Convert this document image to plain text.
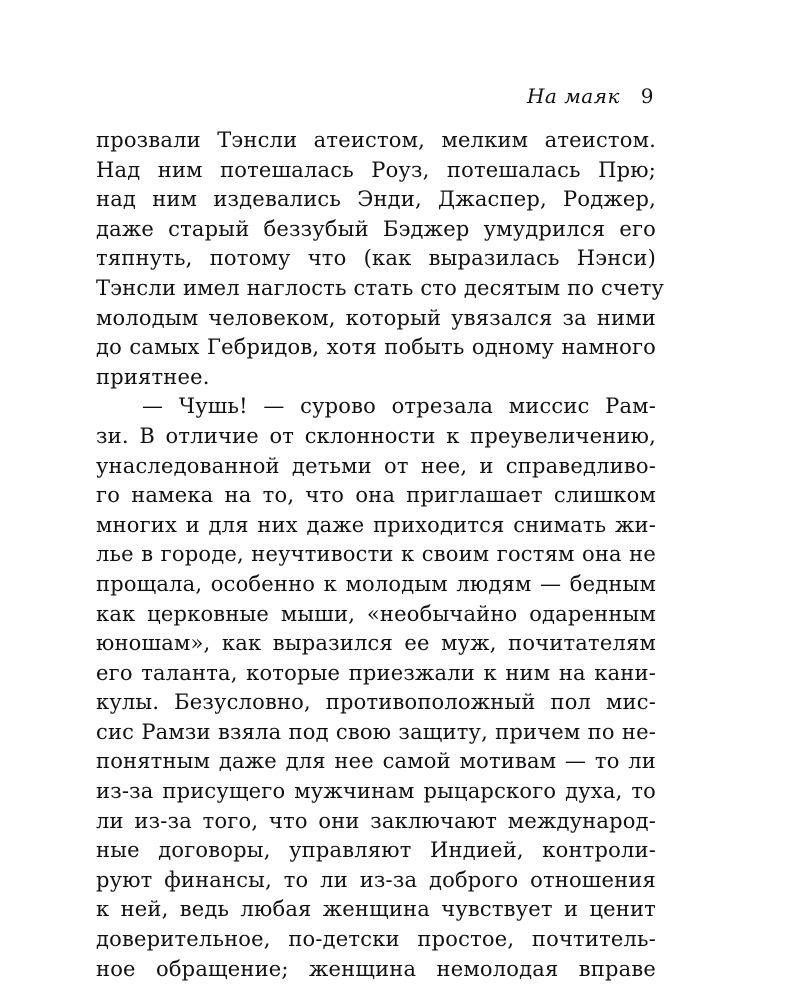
На маяк 9
прозвали Тэнсли атеистом, мелким атеистом.
Над ним потешалась Роуз, потешалась Прю;
над ним издевались Энди, Джаспер, Роджер,
даже старый беззубый Бэджер умудрился его
тяпнуть, потому что (как выразилась Нэнси)
Тэнсли имел наглость стать сто десятым по счету
молодым человеком, который увязался за ними
до самых Гебридов, хотя побыть одному намного
приятнее.
— Чушь! — сурово отрезала миссис Рам-
зи. В отличие от склонности к преувеличению,
унаследованной детьми от нее, и справедливо-
го намека на то, что она приглашает слишком
многих и для них даже приходится снимать жи-
лье в городе, неучтивости к своим гостям она не
прощала, особенно к молодым людям — бедным
как церковные мыши, «необычайно одаренным
юношам», как выразился ее муж, почитателям
его таланта, которые приезжали к ним на кани-
кулы. Безусловно, противоположный пол мис-
сис Рамзи взяла под свою защиту, причем по не-
понятным даже для нее самой мотивам — то ли
из-за присущего мужчинам рыцарского духа, то
ли из-за того, что они заключают международ-
ные договоры, управляют Индией, контроли-
руют финансы, то ли из-за доброго отношения
к ней, ведь любая женщина чувствует и ценит
доверительное, по-детски простое, почтитель-
ное обращение; женщина немолодая вправе
